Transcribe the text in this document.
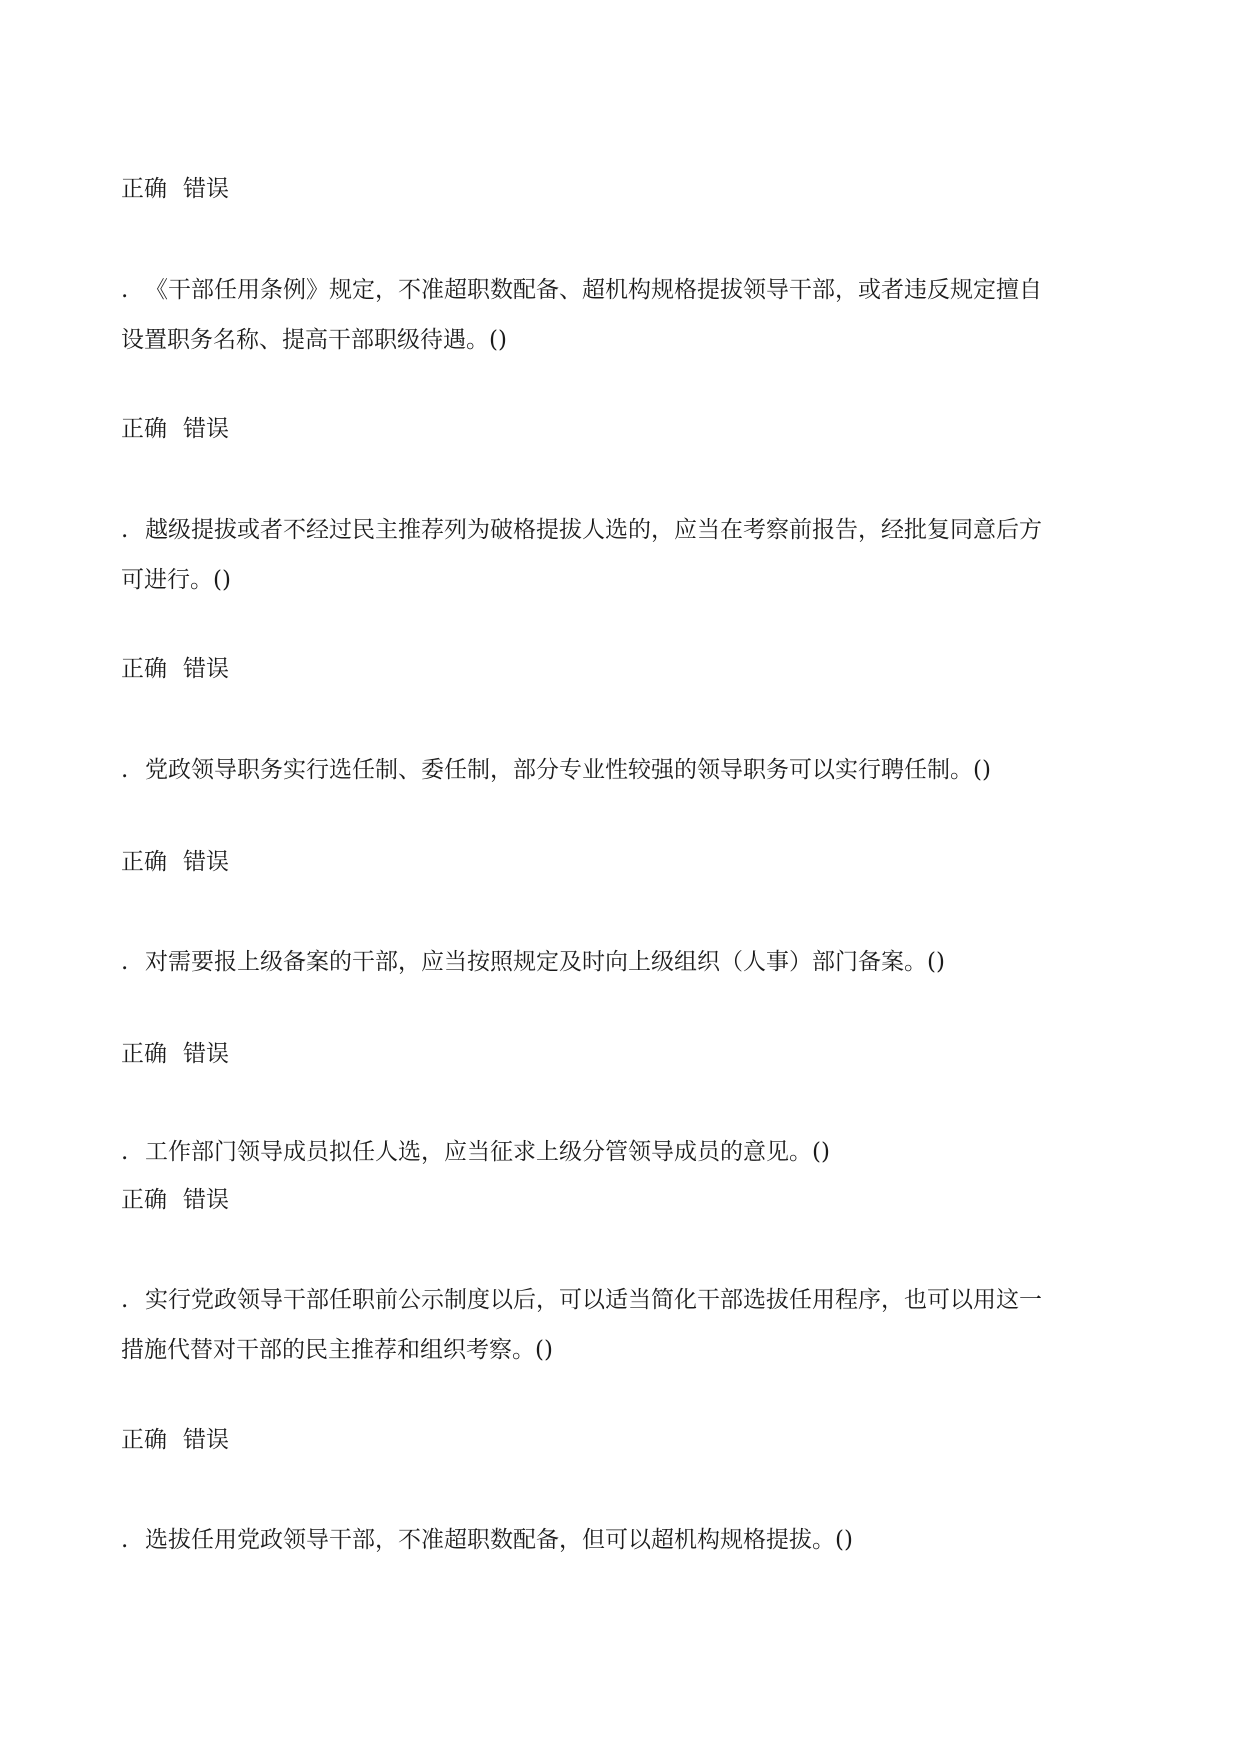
正确 错误
. 《干部任用条例》规定，不准超职数配备、超机构规格提拔领导干部，或者违反规定擅自
设置职务名称、提高干部职级待遇。()
正确 错误
. 越级提拔或者不经过民主推荐列为破格提拔人选的，应当在考察前报告，经批复同意后方
可进行。()
正确 错误
. 党政领导职务实行选任制、委任制，部分专业性较强的领导职务可以实行聘任制。()
正确 错误
. 对需要报上级备案的干部，应当按照规定及时向上级组织（人事）部门备案。()
正确 错误
. 工作部门领导成员拟任人选，应当征求上级分管领导成员的意见。()
正确 错误
. 实行党政领导干部任职前公示制度以后，可以适当简化干部选拔任用程序，也可以用这一
措施代替对干部的民主推荐和组织考察。()
正确 错误
. 选拔任用党政领导干部，不准超职数配备，但可以超机构规格提拔。()
